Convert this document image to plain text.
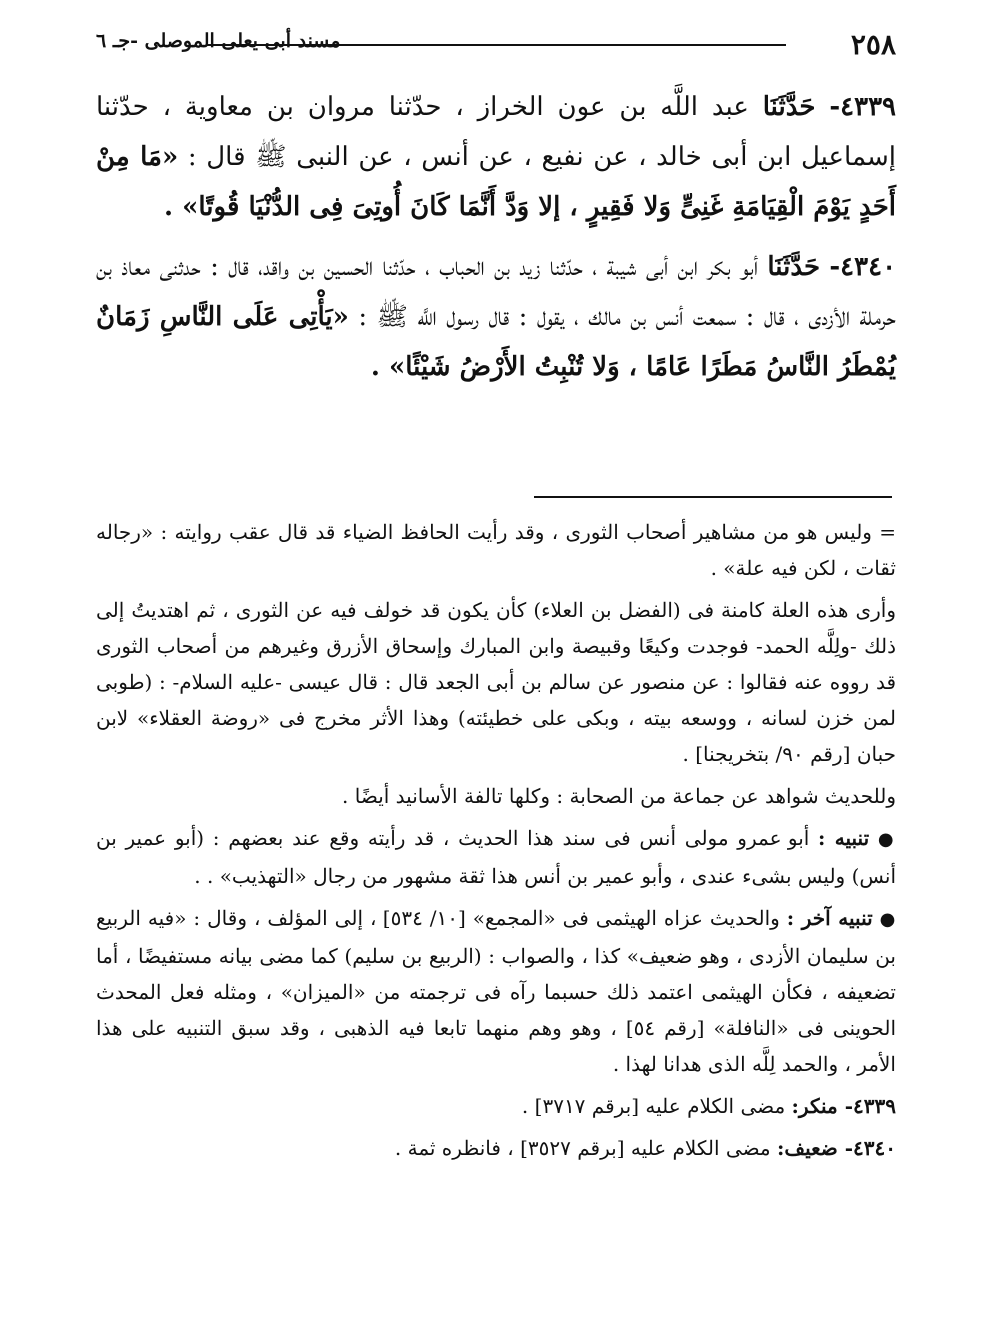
٢٥٨
مسند أبى يعلى الموصلى -جـ ٦

٤٣٣٩- حَدَّثَنَا عبد اللَّه بن عون الخراز ، حدّثنا مروان بن معاوية ، حدّثنا إسماعيل ابن أبى خالد ، عن نفيع ، عن أنس ، عن النبى ﷺ قال : «مَا مِنْ أَحَدٍ يَوْمَ الْقِيَامَةِ غَنِىٍّ وَلا فَقِيرٍ ، إلا وَدَّ أَنَّمَا كَانَ أُوتِىَ فِى الدُّنْيَا قُوتًا» .

٤٣٤٠- حَدَّثَنَا أبو بكر ابن أبى شيبة ، حدّثنا زيد بن الحباب ، حدّثنا الحسين بن واقد، قال : حدثنى معاذ بن حرملة الأزدى ، قال : سمعت أنس بن مالك ، يقول : قال رسول اللَّه ﷺ : «يَأْتِى عَلَى النَّاسِ زَمَانٌ يُمْطَرُ النَّاسُ مَطَرًا عَامًا ، وَلا تُنْبِتُ الأَرْضُ شَيْئًا» .

= وليس هو من مشاهير أصحاب الثورى ، وقد رأيت الحافظ الضياء قد قال عقب روايته : «رجاله ثقات ، لكن فيه علة» .

وأرى هذه العلة كامنة فى (الفضل بن العلاء) كأن يكون قد خولف فيه عن الثورى ، ثم اهتديتُ إلى ذلك -ولِلَّه الحمد- فوجدت وكيعًا وقبيصة وابن المبارك وإسحاق الأزرق وغيرهم من أصحاب الثورى قد رووه عنه فقالوا : عن منصور عن سالم بن أبى الجعد قال : قال عيسى -عليه السلام- : (طوبى لمن خزن لسانه ، ووسعه بيته ، وبكى على خطيئته) وهذا الأثر مخرج فى «روضة العقلاء» لابن حبان [رقم ٩٠/ بتخريجنا] .

وللحديث شواهد عن جماعة من الصحابة : وكلها تالفة الأسانيد أيضًا .

● تنبيه : أبو عمرو مولى أنس فى سند هذا الحديث ، قد رأيته وقع عند بعضهم : (أبو عمير بن أنس) وليس بشىء عندى ، وأبو عمير بن أنس هذا ثقة مشهور من رجال «التهذيب» . .

● تنبيه آخر : والحديث عزاه الهيثمى فى «المجمع» [١٠/ ٥٣٤] ، إلى المؤلف ، وقال : «فيه الربيع بن سليمان الأزدى ، وهو ضعيف» كذا ، والصواب : (الربيع بن سليم) كما مضى بيانه مستفيضًا ، أما تضعيفه ، فكأن الهيثمى اعتمد ذلك حسبما رآه فى ترجمته من «الميزان» ، ومثله فعل المحدث الحوينى فى «النافلة» [رقم ٥٤] ، وهو وهم منهما تابعا فيه الذهبى ، وقد سبق التنبيه على هذا الأمر ، والحمد لِلَّه الذى هدانا لهذا .

٤٣٣٩- منكر: مضى الكلام عليه [برقم ٣٧١٧] .

٤٣٤٠- ضعيف: مضى الكلام عليه [برقم ٣٥٢٧] ، فانظره ثمة .
